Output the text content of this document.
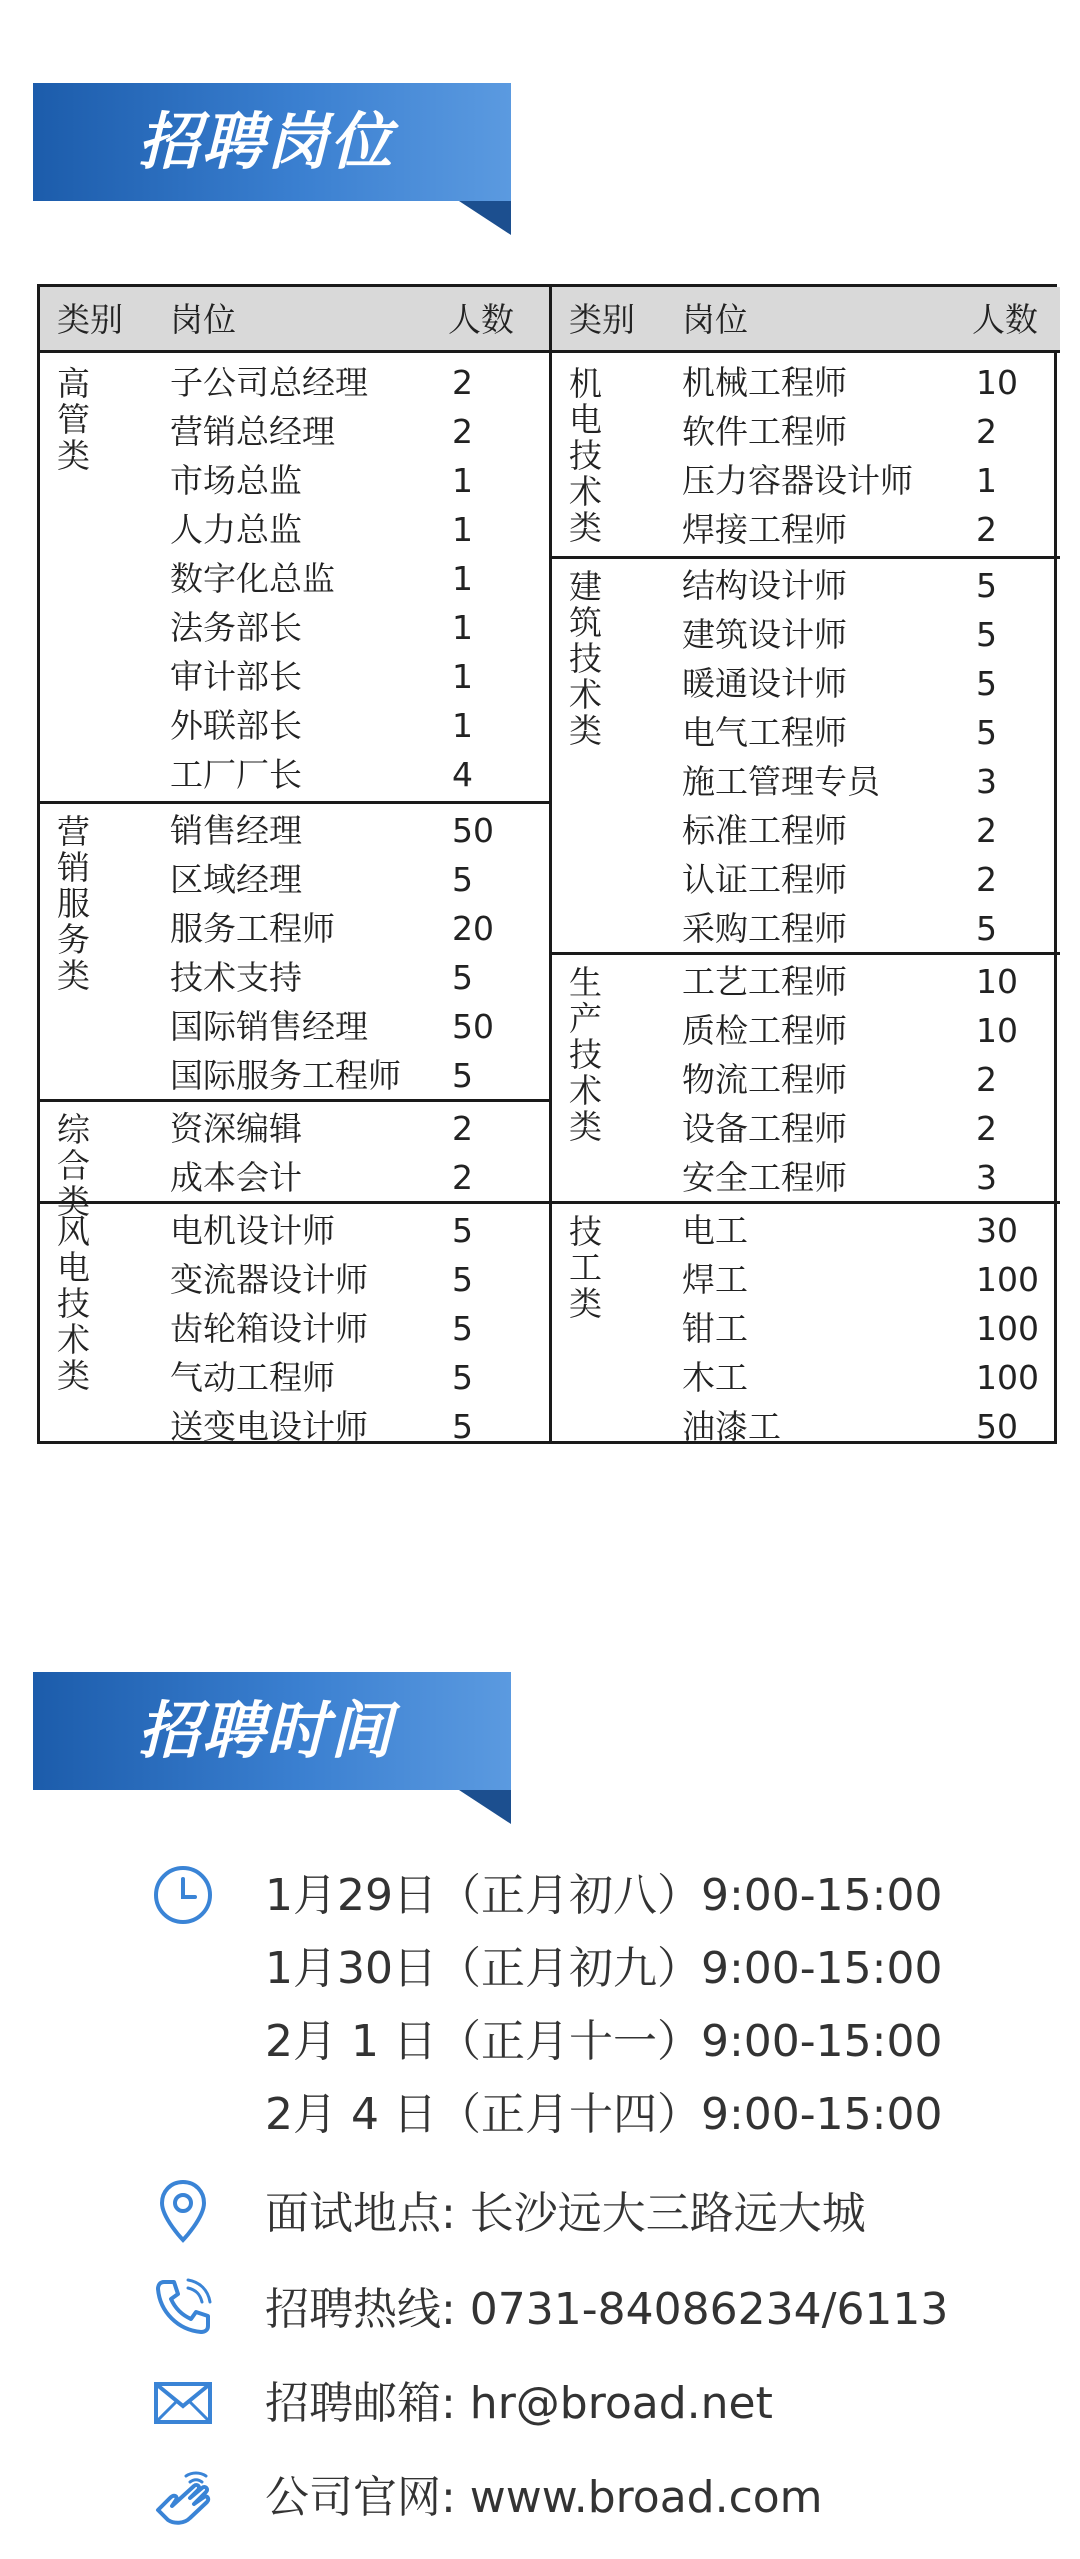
招聘岗位
类别 岗位	人数
高管类
子公司总经理	2
营销总经理	2
市场总监	1
人力总监	1
数字化总监	1
法务部长	1
审计部长	1
外联部长	1
工厂厂长	4
营销服务类
销售经理	50
区域经理	5
服务工程师	20
技术支持	5
国际销售经理	50
国际服务工程师 5
综合类
资深编辑	2
成本会计	2
风电技术类
电机设计师	5
变流器设计师	5
齿轮箱设计师	5
气动工程师	5
送变电设计师	5
类别 岗位	人数
机电技术类
机械工程师	10
软件工程师	2
压力容器设计师 1
焊接工程师	2
建筑技术类
结构设计师	5
建筑设计师	5
暖通设计师	5
电气工程师	5
施工管理专员	3
标准工程师	2
认证工程师	2
采购工程师	5
生产技术类
工艺工程师	10
质检工程师	10
物流工程师	2
设备工程师	2
安全工程师	3
技工类
电工	30
焊工	100
钳工	100
木工	100
油漆工	50
招聘时间
1月29日（正月初八）9:00-15:00
1月30日（正月初九）9:00-15:00
2月 1 日（正月十一）9:00-15:00
2月 4 日（正月十四）9:00-15:00
面试地点: 长沙远大三路远大城
招聘热线: 0731-84086234/6113
招聘邮箱: hr@broad.net
公司官网: www.broad.com
